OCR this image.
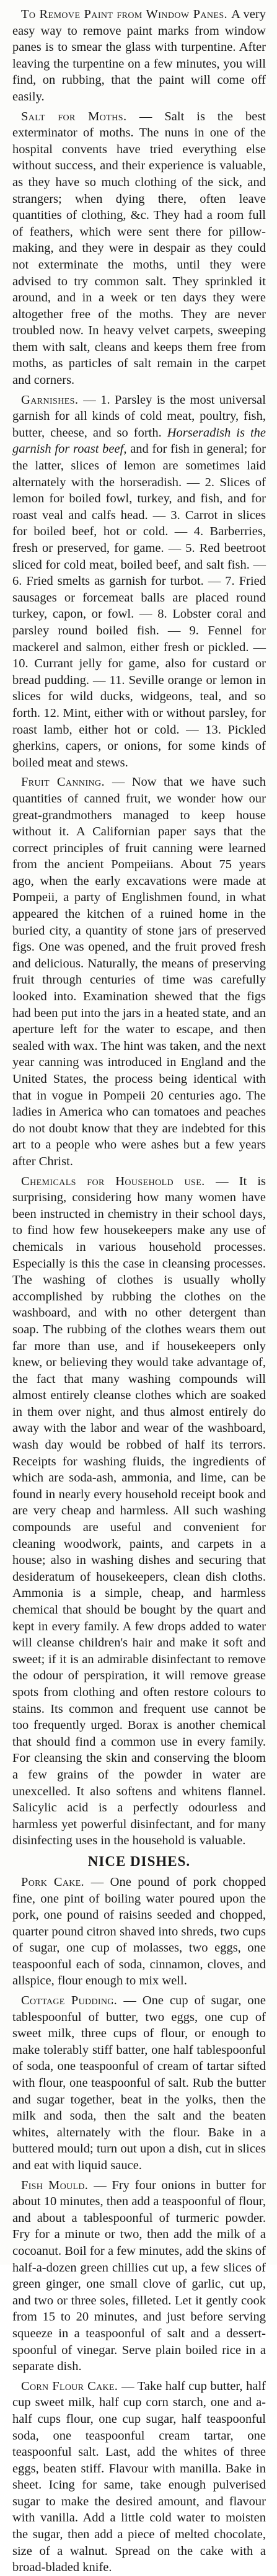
To Remove Paint from Window Panes. A very easy way to remove paint marks from window panes is to smear the glass with turpentine. After leaving the turpentine on a few minutes, you will find, on rubbing, that the paint will come off easily.

Salt for Moths. — Salt is the best exterminator of moths. The nuns in one of the hospital convents have tried everything else without success, and their experience is valuable, as they have so much clothing of the sick, and strangers; when dying there, often leave quantities of clothing, &c. They had a room full of feathers, which were sent there for pillow-making, and they were in despair as they could not exterminate the moths, until they were advised to try common salt. They sprinkled it around, and in a week or ten days they were altogether free of the moths. They are never troubled now. In heavy velvet carpets, sweeping them with salt, cleans and keeps them free from moths, as particles of salt remain in the carpet and corners.

Garnishes. — 1. Parsley is the most universal garnish for all kinds of cold meat, poultry, fish, butter, cheese, and so forth. Horseradish is the garnish for roast beef, and for fish in general; for the latter, slices of lemon are sometimes laid alternately with the horseradish. — 2. Slices of lemon for boiled fowl, turkey, and fish, and for roast veal and calfs head. — 3. Carrot in slices for boiled beef, hot or cold. — 4. Barberries, fresh or preserved, for game. — 5. Red beetroot sliced for cold meat, boiled beef, and salt fish. — 6. Fried smelts as garnish for turbot. — 7. Fried sausages or forcemeat balls are placed round turkey, capon, or fowl. — 8. Lobster coral and parsley round boiled fish. — 9. Fennel for mackerel and salmon, either fresh or pickled. — 10. Currant jelly for game, also for custard or bread pudding. — 11. Seville orange or lemon in slices for wild ducks, widgeons, teal, and so forth. 12. Mint, either with or without parsley, for roast lamb, either hot or cold. — 13. Pickled gherkins, capers, or onions, for some kinds of boiled meat and stews.

Fruit Canning. — Now that we have such quantities of canned fruit, we wonder how our great-grandmothers managed to keep house without it. A Californian paper says that the correct principles of fruit canning were learned from the ancient Pompeiians. About 75 years ago, when the early excavations were made at Pompeii, a party of Englishmen found, in what appeared the kitchen of a ruined home in the buried city, a quantity of stone jars of preserved figs. One was opened, and the fruit proved fresh and delicious. Naturally, the means of preserving fruit through centuries of time was carefully looked into. Examination shewed that the figs had been put into the jars in a heated state, and an aperture left for the water to escape, and then sealed with wax. The hint was taken, and the next year canning was introduced in England and the United States, the process being identical with that in vogue in Pompeii 20 centuries ago. The ladies in America who can tomatoes and peaches do not doubt know that they are indebted for this art to a people who were ashes but a few years after Christ.

Chemicals for Household use. — It is surprising, considering how many women have been instructed in chemistry in their school days, to find how few housekeepers make any use of chemicals in various household processes. Especially is this the case in cleansing processes. The washing of clothes is usually wholly accomplished by rubbing the clothes on the washboard, and with no other detergent than soap. The rubbing of the clothes wears them out far more than use, and if housekeepers only knew, or believing they would take advantage of, the fact that many washing compounds will almost entirely cleanse clothes which are soaked in them over night, and thus almost entirely do away with the labor and wear of the washboard, wash day would be robbed of half its terrors. Receipts for washing fluids, the ingredients of which are soda-ash, ammonia, and lime, can be found in nearly every household receipt book and are very cheap and harmless. All such washing compounds are useful and convenient for cleaning woodwork, paints, and carpets in a house; also in washing dishes and securing that desideratum of housekeepers, clean dish cloths. Ammonia is a simple, cheap, and harmless chemical that should be bought by the quart and kept in every family. A few drops added to water will cleanse children's hair and make it soft and sweet; if it is an admirable disinfectant to remove the odour of perspiration, it will remove grease spots from clothing and often restore colours to stains. Its common and frequent use cannot be too frequently urged. Borax is another chemical that should find a common use in every family. For cleansing the skin and conserving the bloom a few grains of the powder in water are unexcelled. It also softens and whitens flannel. Salicylic acid is a perfectly odourless and harmless yet powerful disinfectant, and for many disinfecting uses in the household is valuable.

NICE DISHES.

Pork Cake. — One pound of pork chopped fine, one pint of boiling water poured upon the pork, one pound of raisins seeded and chopped, quarter pound citron shaved into shreds, two cups of sugar, one cup of molasses, two eggs, one teaspoonful each of soda, cinnamon, cloves, and allspice, flour enough to mix well.

Cottage Pudding. — One cup of sugar, one tablespoonful of butter, two eggs, one cup of sweet milk, three cups of flour, or enough to make tolerably stiff batter, one half tablespoonful of soda, one teaspoonful of cream of tartar sifted with flour, one teaspoonful of salt. Rub the butter and sugar together, beat in the yolks, then the milk and soda, then the salt and the beaten whites, alternately with the flour. Bake in a buttered mould; turn out upon a dish, cut in slices and eat with liquid sauce.

Fish Mould. — Fry four onions in butter for about 10 minutes, then add a teaspoonful of flour, and about a tablespoonful of turmeric powder. Fry for a minute or two, then add the milk of a cocoanut. Boil for a few minutes, add the skins of half-a-dozen green chillies cut up, a few slices of green ginger, one small clove of garlic, cut up, and two or three soles, filleted. Let it gently cook from 15 to 20 minutes, and just before serving squeeze in a teaspoonful of salt and a dessert-spoonful of vinegar. Serve plain boiled rice in a separate dish.

Corn Flour Cake. — Take half cup butter, half cup sweet milk, half cup corn starch, one and a-half cups flour, one cup sugar, half teaspoonful soda, one teaspoonful cream tartar, one teaspoonful salt. Last, add the whites of three eggs, beaten stiff. Flavour with manilla. Bake in sheet. Icing for same, take enough pulverised sugar to make the desired amount, and flavour with vanilla. Add a little cold water to moisten the sugar, then add a piece of melted chocolate, size of a walnut. Spread on the cake with a broad-bladed knife.
